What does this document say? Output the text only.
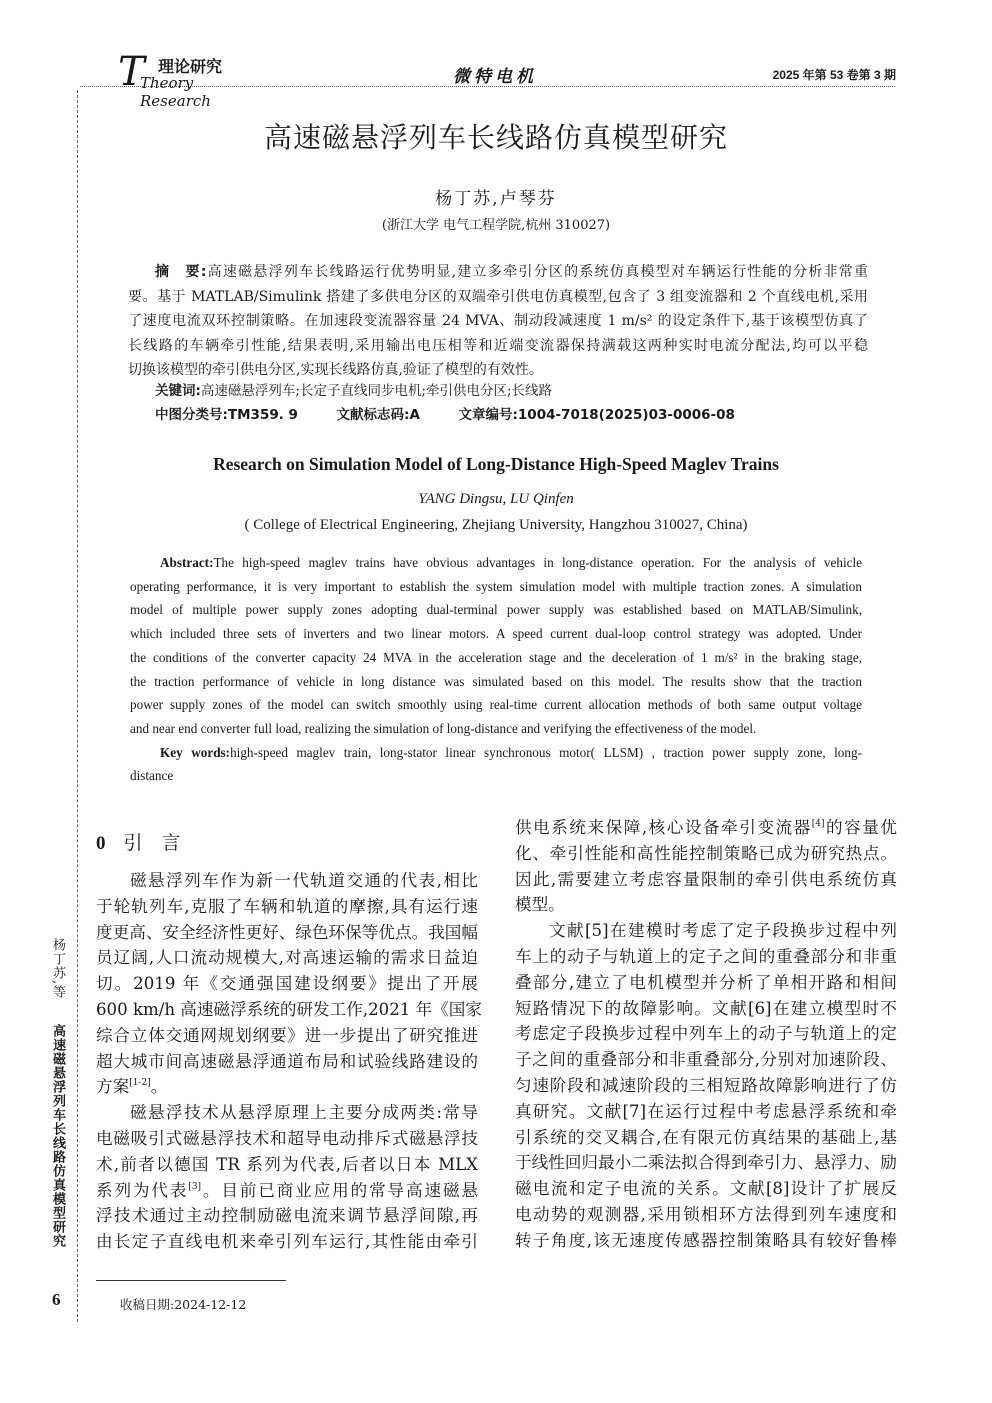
T 理论研究
Theory Research
微特电机	2025 年第 53 卷第 3 期
高速磁悬浮列车长线路仿真模型研究
杨丁苏,卢琴芬
(浙江大学 电气工程学院,杭州 310027)
摘　要:高速磁悬浮列车长线路运行优势明显,建立多牵引分区的系统仿真模型对车辆运行性能的分析非常重
要。基于 MATLAB/Simulink 搭建了多供电分区的双端牵引供电仿真模型,包含了 3 组变流器和 2 个直线电机,采用
了速度电流双环控制策略。在加速段变流器容量 24 MVA、制动段减速度 1 m/s² 的设定条件下,基于该模型仿真了
长线路的车辆牵引性能,结果表明,采用输出电压相等和近端变流器保持满载这两种实时电流分配法,均可以平稳
切换该模型的牵引供电分区,实现长线路仿真,验证了模型的有效性。
关键词:高速磁悬浮列车;长定子直线同步电机;牵引供电分区;长线路
中图分类号:TM359. 9	文献标志码:A	文章编号:1004-7018(2025)03-0006-08
Research on Simulation Model of Long-Distance High-Speed Maglev Trains
YANG Dingsu, LU Qinfen
( College of Electrical Engineering, Zhejiang University, Hangzhou 310027, China)
Abstract:The high-speed maglev trains have obvious advantages in long-distance operation. For the analysis of vehicle
operating performance, it is very important to establish the system simulation model with multiple traction zones. A simulation
model of multiple power supply zones adopting dual-terminal power supply was established based on MATLAB/Simulink,
which included three sets of inverters and two linear motors. A speed current dual-loop control strategy was adopted. Under
the conditions of the converter capacity 24 MVA in the acceleration stage and the deceleration of 1 m/s² in the braking stage,
the traction performance of vehicle in long distance was simulated based on this model. The results show that the traction
power supply zones of the model can switch smoothly using real-time current allocation methods of both same output voltage
and near end converter full load, realizing the simulation of long-distance and verifying the effectiveness of the model.
Key words:high-speed maglev train, long-stator linear synchronous motor( LLSM) , traction power supply zone, long-
distance
0 引　言
磁悬浮列车作为新一代轨道交通的代表,相比
于轮轨列车,克服了车辆和轨道的摩擦,具有运行速
度更高、安全经济性更好、绿色环保等优点。我国幅
员辽阔,人口流动规模大,对高速运输的需求日益迫
切。2019 年《交通强国建设纲要》提出了开展
600 km/h 高速磁浮系统的研发工作,2021 年《国家
综合立体交通网规划纲要》进一步提出了研究推进
超大城市间高速磁悬浮通道布局和试验线路建设的
方案[1-2]。
磁悬浮技术从悬浮原理上主要分成两类:常导
电磁吸引式磁悬浮技术和超导电动排斥式磁悬浮技
术,前者以德国 TR 系列为代表,后者以日本 MLX
系列为代表[3]。目前已商业应用的常导高速磁悬
浮技术通过主动控制励磁电流来调节悬浮间隙,再
由长定子直线电机来牵引列车运行,其性能由牵引
供电系统来保障,核心设备牵引变流器[4]的容量优
化、牵引性能和高性能控制策略已成为研究热点。
因此,需要建立考虑容量限制的牵引供电系统仿真
模型。
文献[5]在建模时考虑了定子段换步过程中列
车上的动子与轨道上的定子之间的重叠部分和非重
叠部分,建立了电机模型并分析了单相开路和相间
短路情况下的故障影响。文献[6]在建立模型时不
考虑定子段换步过程中列车上的动子与轨道上的定
子之间的重叠部分和非重叠部分,分别对加速阶段、
匀速阶段和减速阶段的三相短路故障影响进行了仿
真研究。文献[7]在运行过程中考虑悬浮系统和牵
引系统的交叉耦合,在有限元仿真结果的基础上,基
于线性回归最小二乘法拟合得到牵引力、悬浮力、励
磁电流和定子电流的关系。文献[8]设计了扩展反
电动势的观测器,采用锁相环方法得到列车速度和
转子角度,该无速度传感器控制策略具有较好鲁棒
收稿日期:2024-12-12
杨丁苏,等 高速磁悬浮列车长线路仿真模型研究
6
